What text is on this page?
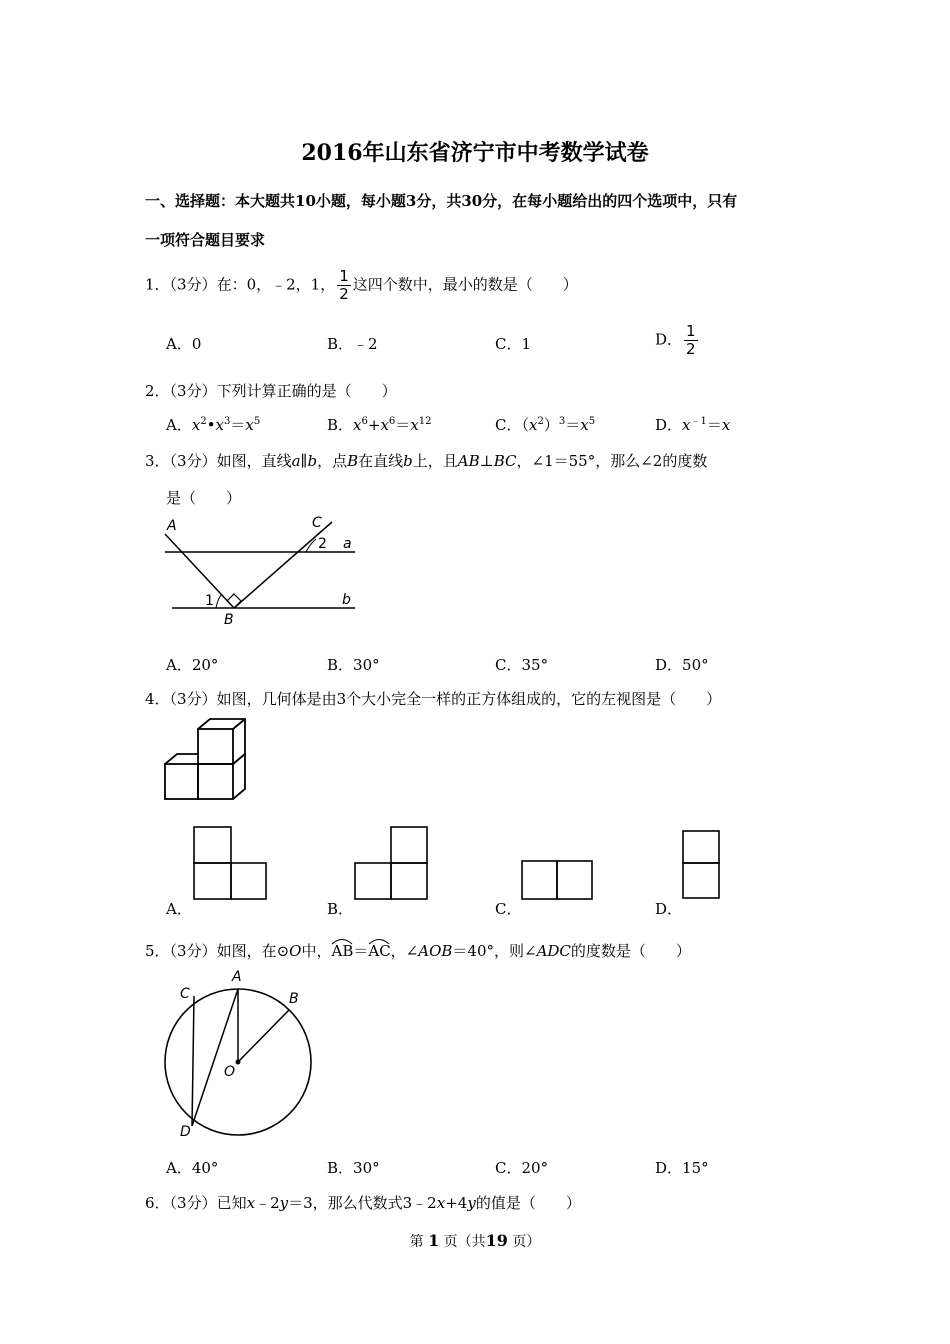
2016年山东省济宁市中考数学试卷
一、选择题：本大题共10小题，每小题3分，共30分，在每小题给出的四个选项中，只有
一项符合题目要求
1．（3分）在：0，﹣2，1， $\frac{1}{2}$ 这四个数中，最小的数是（　　）
A．0	B．﹣2	C．1	D． $\frac{1}{2}$
2．（3分）下列计算正确的是（　　）
A．$x^2•x^3=x^5$	B．$x^6+x^6=x^{12}$	C．$(x^2)^3=x^5$	D．$x^{﹣1}=x$
3．（3分）如图，直线a∥b，点B在直线b上，且AB⊥BC，∠1＝55°，那么∠2的度数
是（　　）
A
B
C
a
b
1
2
A．20°	B．30°	C．35°	D．50°
4．（3分）如图，几何体是由3个大小完全一样的正方体组成的，它的左视图是（　　）
A．	B．	C．	D．
5．（3分）如图，在⊙O中，
AB＝
AC，∠AOB＝40°，则∠ADC的度数是（　　）
A
B
C
D
O
A．40°	B．30°	C．20°	D．15°
6．（3分）已知x﹣2y＝3，那么代数式3﹣2x+4y的值是（　　）
第 1 页（共19 页）
